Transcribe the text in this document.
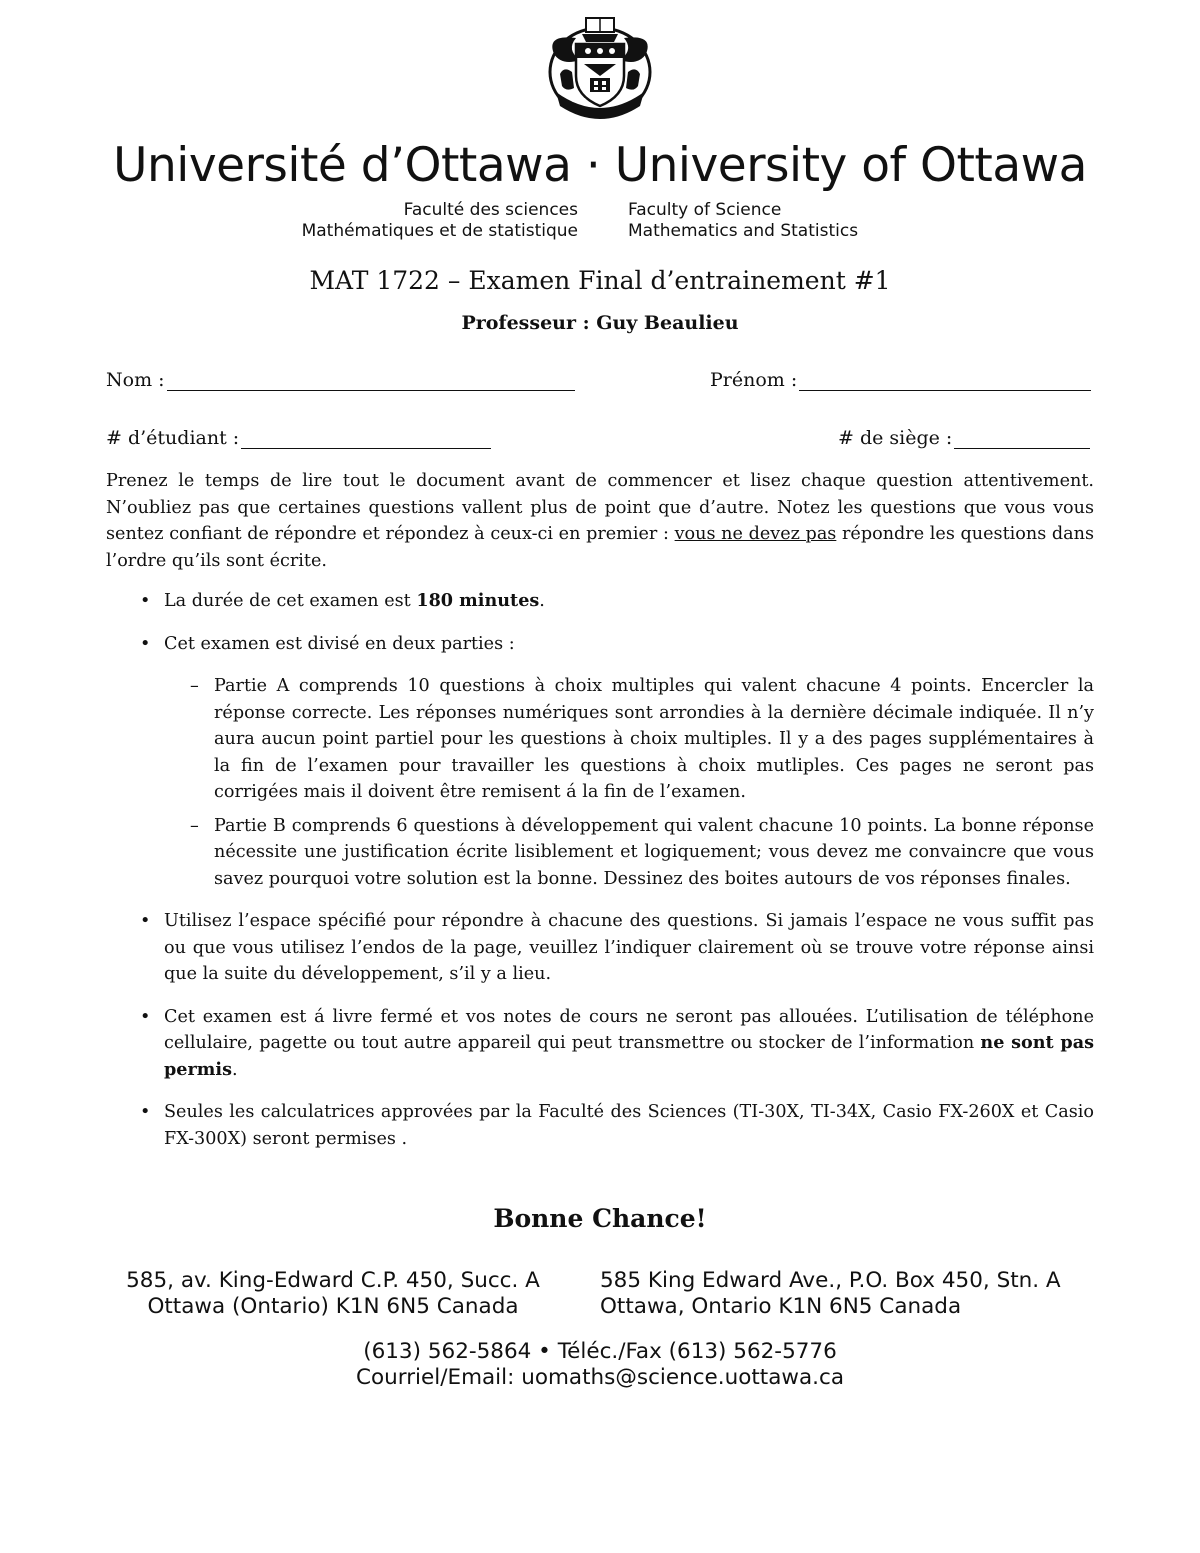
DEUS	LUX
Université d’Ottawa · University of Ottawa
Faculté des sciences
Mathématiques et de statistique
Faculty of Science
Mathematics and Statistics
MAT 1722 – Examen Final d’entrainement #1
Professeur : Guy Beaulieu
Nom :	Prénom :
# d’étudiant :	# de siège :
Prenez le temps de lire tout le document avant de commencer et lisez chaque question attentivement. N’oubliez pas que certaines questions vallent plus de point que d’autre. Notez les questions que vous vous sentez confiant de répondre et répondez à ceux-ci en premier : vous ne devez pas répondre les questions dans l’ordre qu’ils sont écrite.
• La durée de cet examen est 180 minutes.
• Cet examen est divisé en deux parties :
– Partie A comprends 10 questions à choix multiples qui valent chacune 4 points. Encercler la réponse correcte. Les réponses numériques sont arrondies à la dernière décimale indiquée. Il n’y aura aucun point partiel pour les questions à choix multiples. Il y a des pages supplémentaires à la fin de l’examen pour travailler les questions à choix mutliples. Ces pages ne seront pas corrigées mais il doivent être remisent á la fin de l’examen.
– Partie B comprends 6 questions à développement qui valent chacune 10 points. La bonne réponse nécessite une justification écrite lisiblement et logiquement; vous devez me convaincre que vous savez pourquoi votre solution est la bonne. Dessinez des boites autours de vos réponses finales.
• Utilisez l’espace spécifié pour répondre à chacune des questions. Si jamais l’espace ne vous suffit pas ou que vous utilisez l’endos de la page, veuillez l’indiquer clairement où se trouve votre réponse ainsi que la suite du développement, s’il y a lieu.
• Cet examen est á livre fermé et vos notes de cours ne seront pas allouées. L’utilisation de téléphone cellulaire, pagette ou tout autre appareil qui peut transmettre ou stocker de l’information ne sont pas permis.
• Seules les calculatrices approvées par la Faculté des Sciences (TI-30X, TI-34X, Casio FX-260X et Casio FX-300X) seront permises .
Bonne Chance!
585, av. King-Edward C.P. 450, Succ. A
Ottawa (Ontario) K1N 6N5 Canada
585 King Edward Ave., P.O. Box 450, Stn. A
Ottawa, Ontario K1N 6N5 Canada
(613) 562-5864 • Téléc./Fax (613) 562-5776
Courriel/Email: uomaths@science.uottawa.ca
